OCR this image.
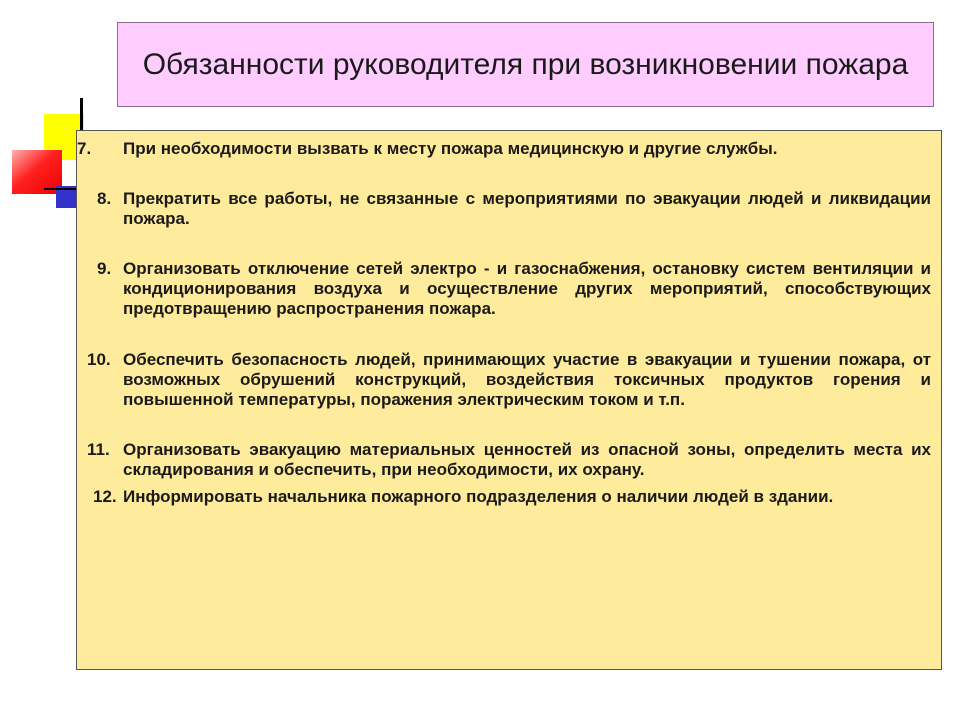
Обязанности руководителя при возникновении пожара
7.	При необходимости вызвать к месту пожара медицинскую и другие службы.
8. Прекратить все работы, не связанные с мероприятиями по эвакуации людей и ликвидации пожара.
9. Организовать отключение сетей электро - и газоснабжения, остановку систем вентиляции и кондиционирования воздуха и осуществление других мероприятий, способствующих предотвращению распространения пожара.
10. Обеспечить безопасность людей, принимающих участие в эвакуации и тушении пожара, от возможных обрушений конструкций, воздействия токсичных продуктов горения и повышенной температуры, поражения электрическим током и т.п.
11. Организовать эвакуацию материальных ценностей из опасной зоны, определить места их складирования и обеспечить, при необходимости, их охрану.
12. Информировать начальника пожарного подразделения о наличии людей в здании.
